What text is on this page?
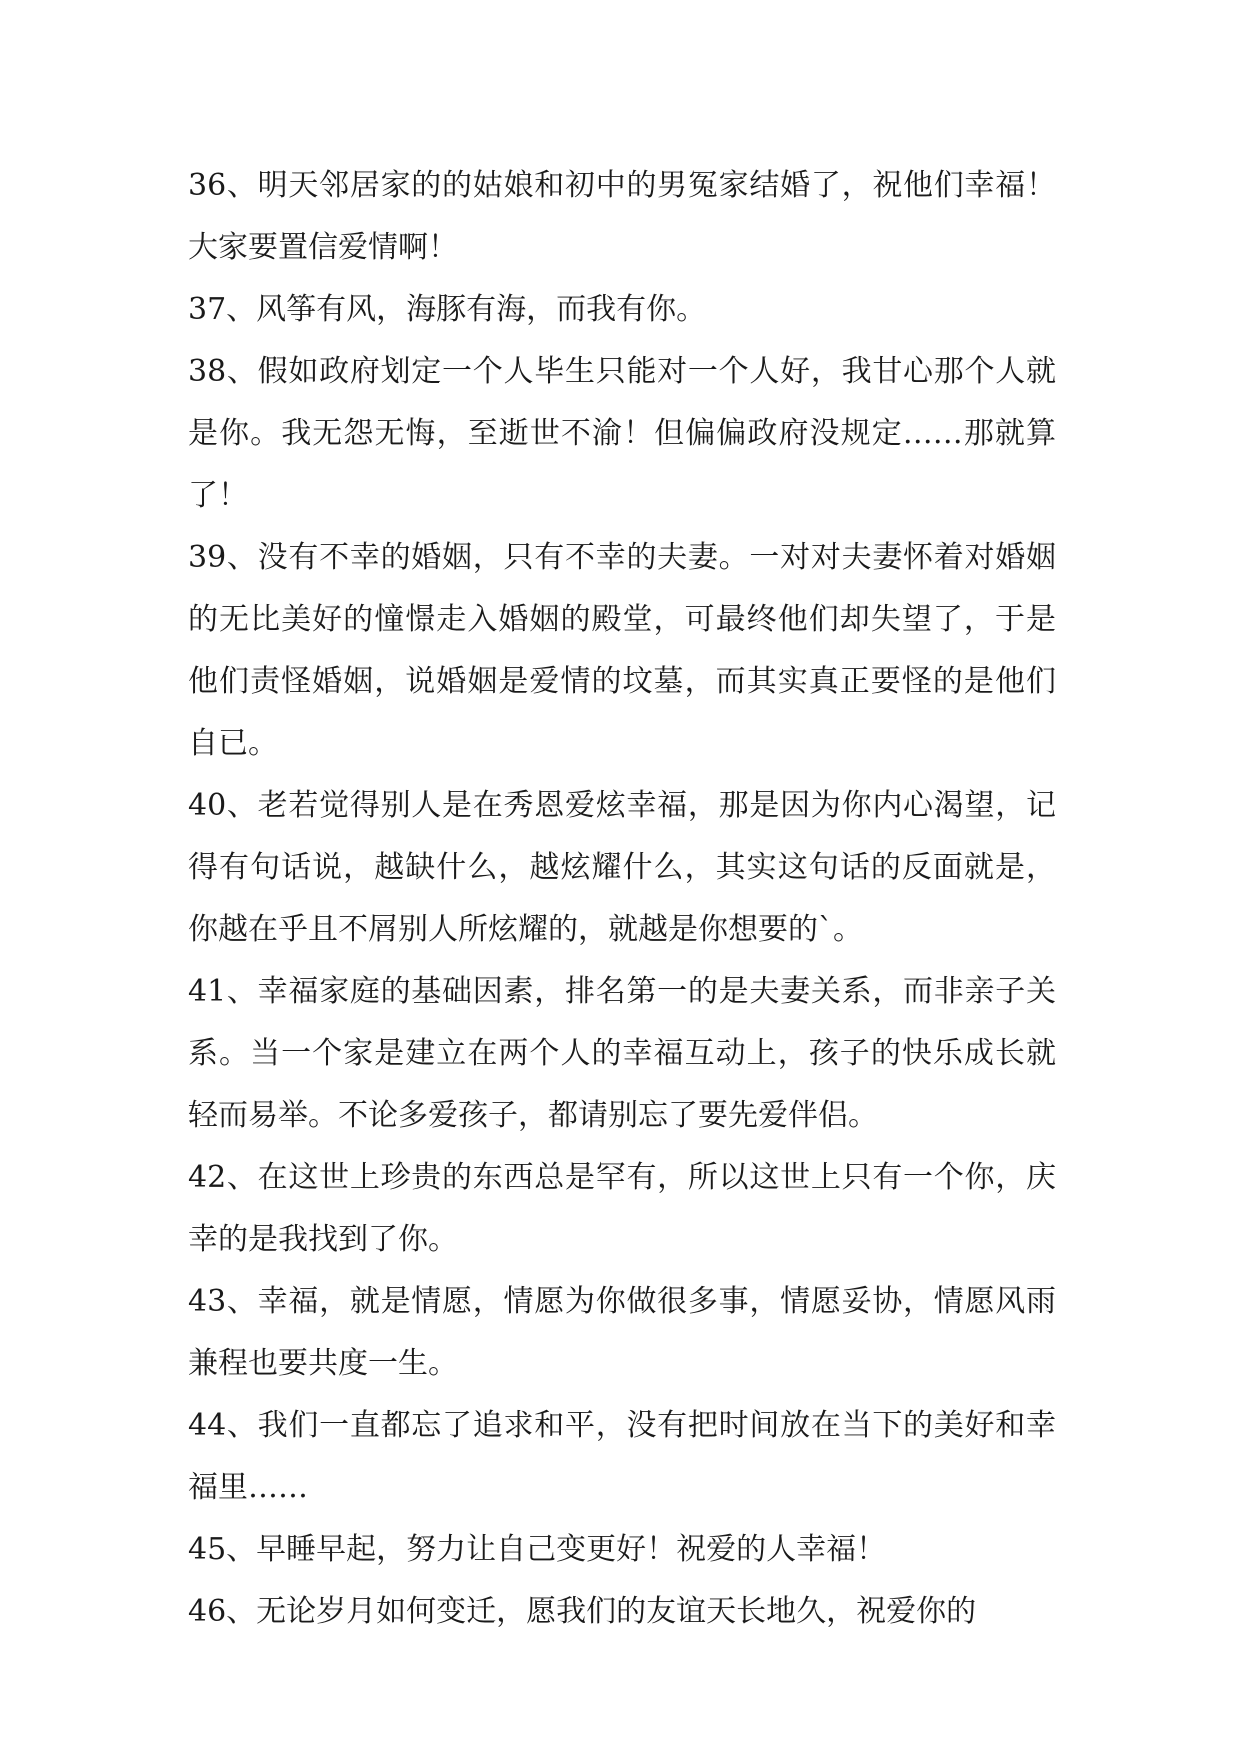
36、明天邻居家的的姑娘和初中的男冤家结婚了，祝他们幸福！大家要置信爱情啊！

37、风筝有风，海豚有海，而我有你。

38、假如政府划定一个人毕生只能对一个人好，我甘心那个人就是你。我无怨无悔，至逝世不渝！但偏偏政府没规定……那就算了！

39、没有不幸的婚姻，只有不幸的夫妻。一对对夫妻怀着对婚姻的无比美好的憧憬走入婚姻的殿堂，可最终他们却失望了，于是他们责怪婚姻，说婚姻是爱情的坟墓，而其实真正要怪的是他们自已。

40、老若觉得别人是在秀恩爱炫幸福，那是因为你内心渴望，记得有句话说，越缺什么，越炫耀什么，其实这句话的反面就是，你越在乎且不屑别人所炫耀的，就越是你想要的`。

41、幸福家庭的基础因素，排名第一的是夫妻关系，而非亲子关系。当一个家是建立在两个人的幸福互动上，孩子的快乐成长就轻而易举。不论多爱孩子，都请别忘了要先爱伴侣。

42、在这世上珍贵的东西总是罕有，所以这世上只有一个你，庆幸的是我找到了你。

43、幸福，就是情愿，情愿为你做很多事，情愿妥协，情愿风雨兼程也要共度一生。

44、我们一直都忘了追求和平，没有把时间放在当下的美好和幸福里……

45、早睡早起，努力让自己变更好！祝爱的人幸福！

46、无论岁月如何变迁，愿我们的友谊天长地久，祝爱你的
